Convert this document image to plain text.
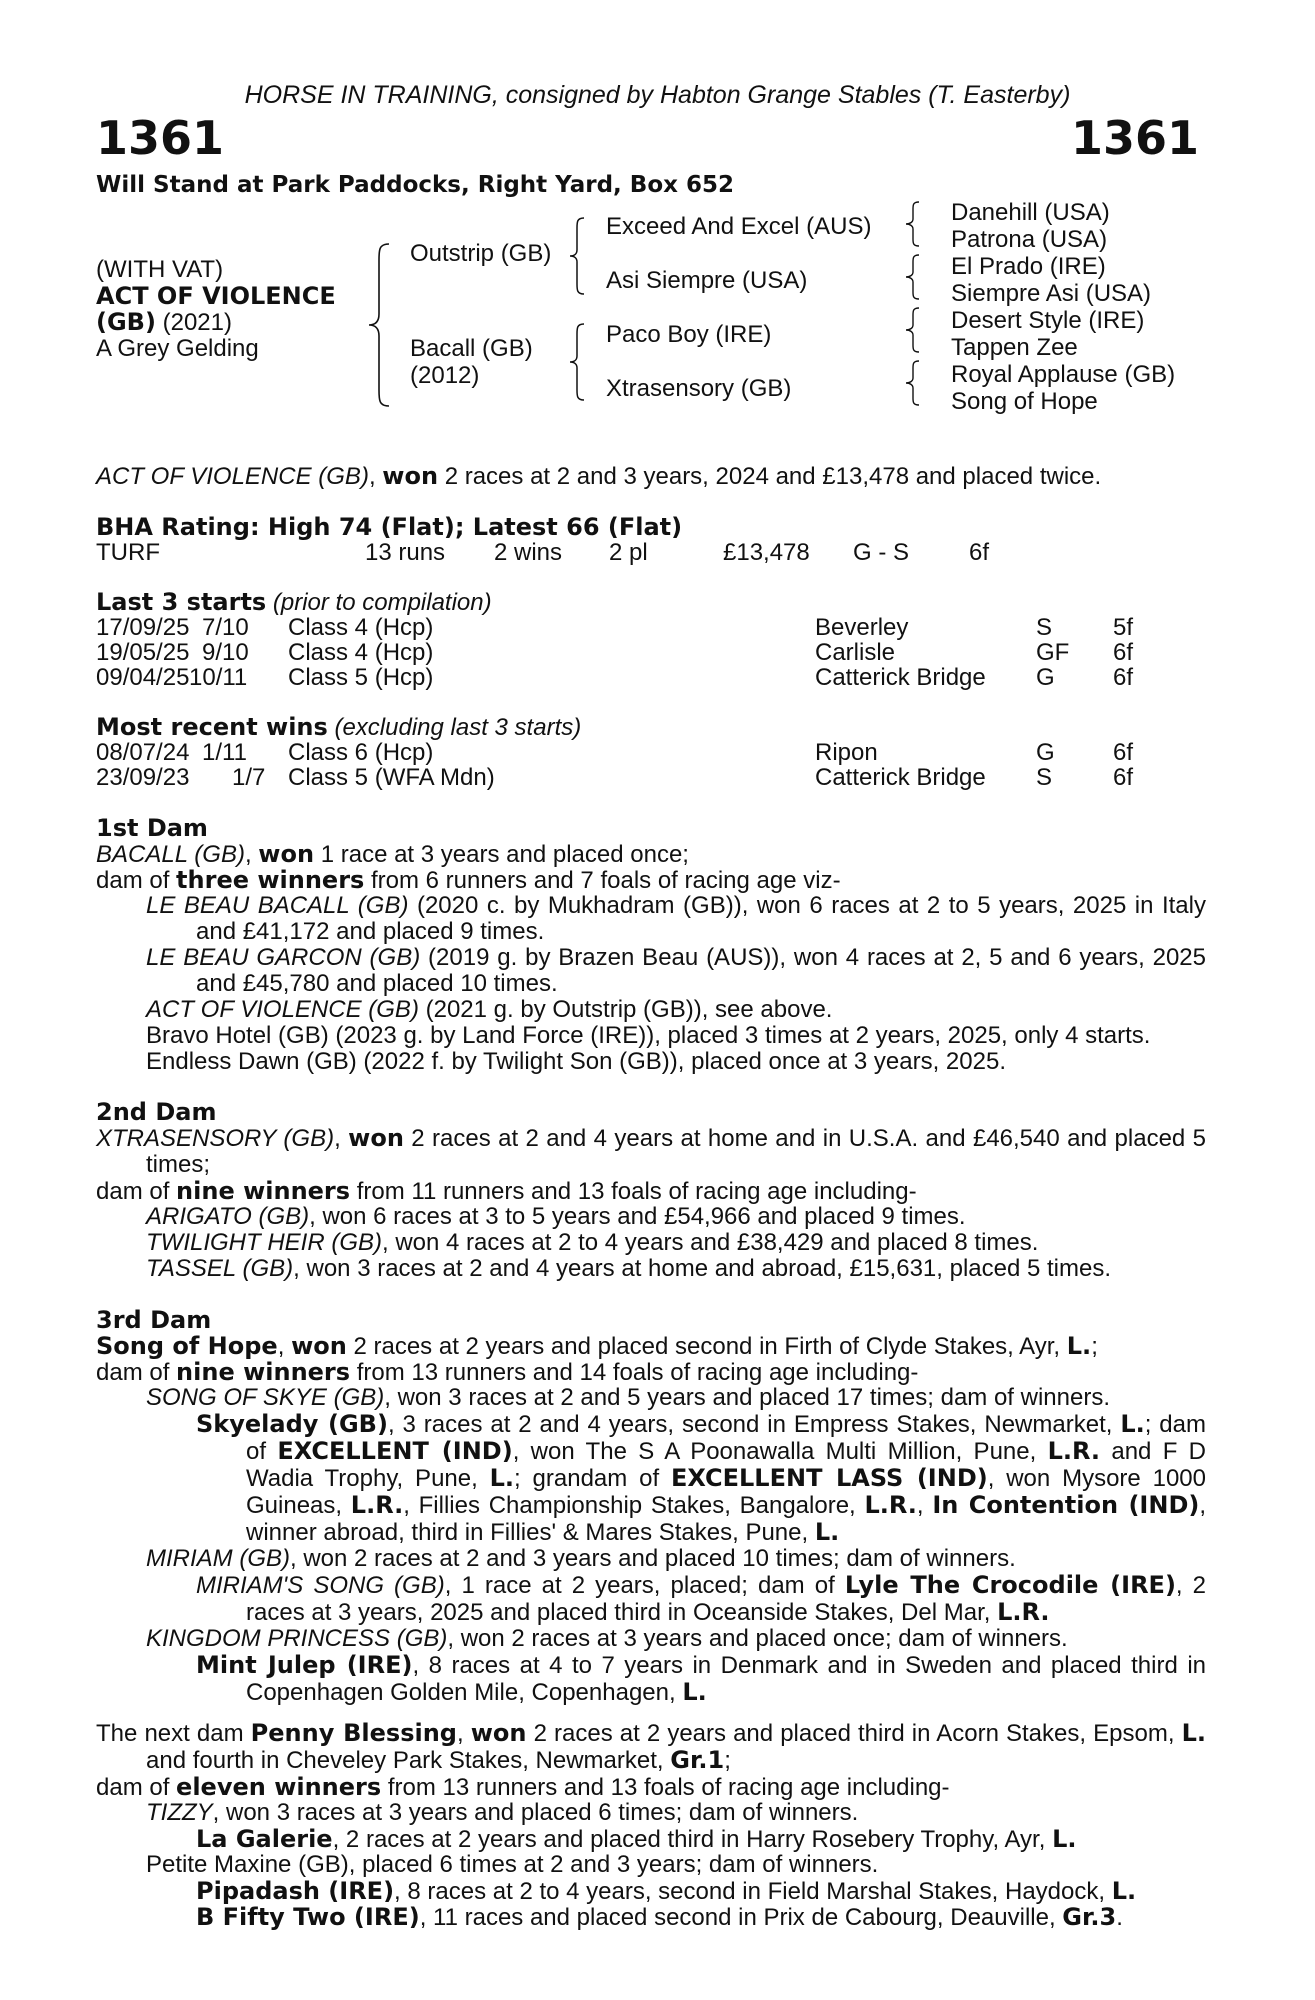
HORSE IN TRAINING, consigned by Habton Grange Stables (T. Easterby)
1361	1361
Will Stand at Park Paddocks, Right Yard, Box 652
(WITH VAT)
ACT OF VIOLENCE
(GB) (2021)
A Grey Gelding
Outstrip (GB)
Bacall (GB)
(2012)
Exceed And Excel (AUS)
Asi Siempre (USA)
Paco Boy (IRE)
Xtrasensory (GB)
Danehill (USA)
Patrona (USA)
El Prado (IRE)
Siempre Asi (USA)
Desert Style (IRE)
Tappen Zee
Royal Applause (GB)
Song of Hope
ACT OF VIOLENCE (GB), won 2 races at 2 and 3 years, 2024 and £13,478 and placed twice.
BHA Rating: High 74 (Flat); Latest 66 (Flat)
TURF	13 runs 2 wins 2 pl	£13,478 G - S 6f
Last 3 starts (prior to compilation)
17/09/25 7/10 Class 4 (Hcp)	Beverley	S	5f
19/05/25 9/10 Class 4 (Hcp)	Carlisle	GF 6f
09/04/25 10/11 Class 5 (Hcp)	Catterick Bridge G 6f
Most recent wins (excluding last 3 starts)
08/07/24 1/11 Class 6 (Hcp)	Ripon	G 6f
23/09/23 1/7 Class 5 (WFA Mdn)	Catterick Bridge S	6f
1st Dam
BACALL (GB), won 1 race at 3 years and placed once;
dam of three winners from 6 runners and 7 foals of racing age viz-
LE BEAU BACALL (GB) (2020 c. by Mukhadram (GB)), won 6 races at 2 to 5 years, 2025 in Italy and £41,172 and placed 9 times.
LE BEAU GARCON (GB) (2019 g. by Brazen Beau (AUS)), won 4 races at 2, 5 and 6 years, 2025 and £45,780 and placed 10 times.
ACT OF VIOLENCE (GB) (2021 g. by Outstrip (GB)), see above.
Bravo Hotel (GB) (2023 g. by Land Force (IRE)), placed 3 times at 2 years, 2025, only 4 starts.
Endless Dawn (GB) (2022 f. by Twilight Son (GB)), placed once at 3 years, 2025.
2nd Dam
XTRASENSORY (GB), won 2 races at 2 and 4 years at home and in U.S.A. and £46,540 and placed 5 times;
dam of nine winners from 11 runners and 13 foals of racing age including-
ARIGATO (GB), won 6 races at 3 to 5 years and £54,966 and placed 9 times.
TWILIGHT HEIR (GB), won 4 races at 2 to 4 years and £38,429 and placed 8 times.
TASSEL (GB), won 3 races at 2 and 4 years at home and abroad, £15,631, placed 5 times.
3rd Dam
Song of Hope, won 2 races at 2 years and placed second in Firth of Clyde Stakes, Ayr, L.;
dam of nine winners from 13 runners and 14 foals of racing age including-
SONG OF SKYE (GB), won 3 races at 2 and 5 years and placed 17 times; dam of winners.
Skyelady (GB), 3 races at 2 and 4 years, second in Empress Stakes, Newmarket, L.; dam of EXCELLENT (IND), won The S A Poonawalla Multi Million, Pune, L.R. and F D Wadia Trophy, Pune, L.; grandam of EXCELLENT LASS (IND), won Mysore 1000 Guineas, L.R., Fillies Championship Stakes, Bangalore, L.R., In Contention (IND), winner abroad, third in Fillies' & Mares Stakes, Pune, L.
MIRIAM (GB), won 2 races at 2 and 3 years and placed 10 times; dam of winners.
MIRIAM'S SONG (GB), 1 race at 2 years, placed; dam of Lyle The Crocodile (IRE), 2 races at 3 years, 2025 and placed third in Oceanside Stakes, Del Mar, L.R.
KINGDOM PRINCESS (GB), won 2 races at 3 years and placed once; dam of winners.
Mint Julep (IRE), 8 races at 4 to 7 years in Denmark and in Sweden and placed third in Copenhagen Golden Mile, Copenhagen, L.
The next dam Penny Blessing, won 2 races at 2 years and placed third in Acorn Stakes, Epsom, L. and fourth in Cheveley Park Stakes, Newmarket, Gr.1;
dam of eleven winners from 13 runners and 13 foals of racing age including-
TIZZY, won 3 races at 3 years and placed 6 times; dam of winners.
La Galerie, 2 races at 2 years and placed third in Harry Rosebery Trophy, Ayr, L.
Petite Maxine (GB), placed 6 times at 2 and 3 years; dam of winners.
Pipadash (IRE), 8 races at 2 to 4 years, second in Field Marshal Stakes, Haydock, L.
B Fifty Two (IRE), 11 races and placed second in Prix de Cabourg, Deauville, Gr.3.
